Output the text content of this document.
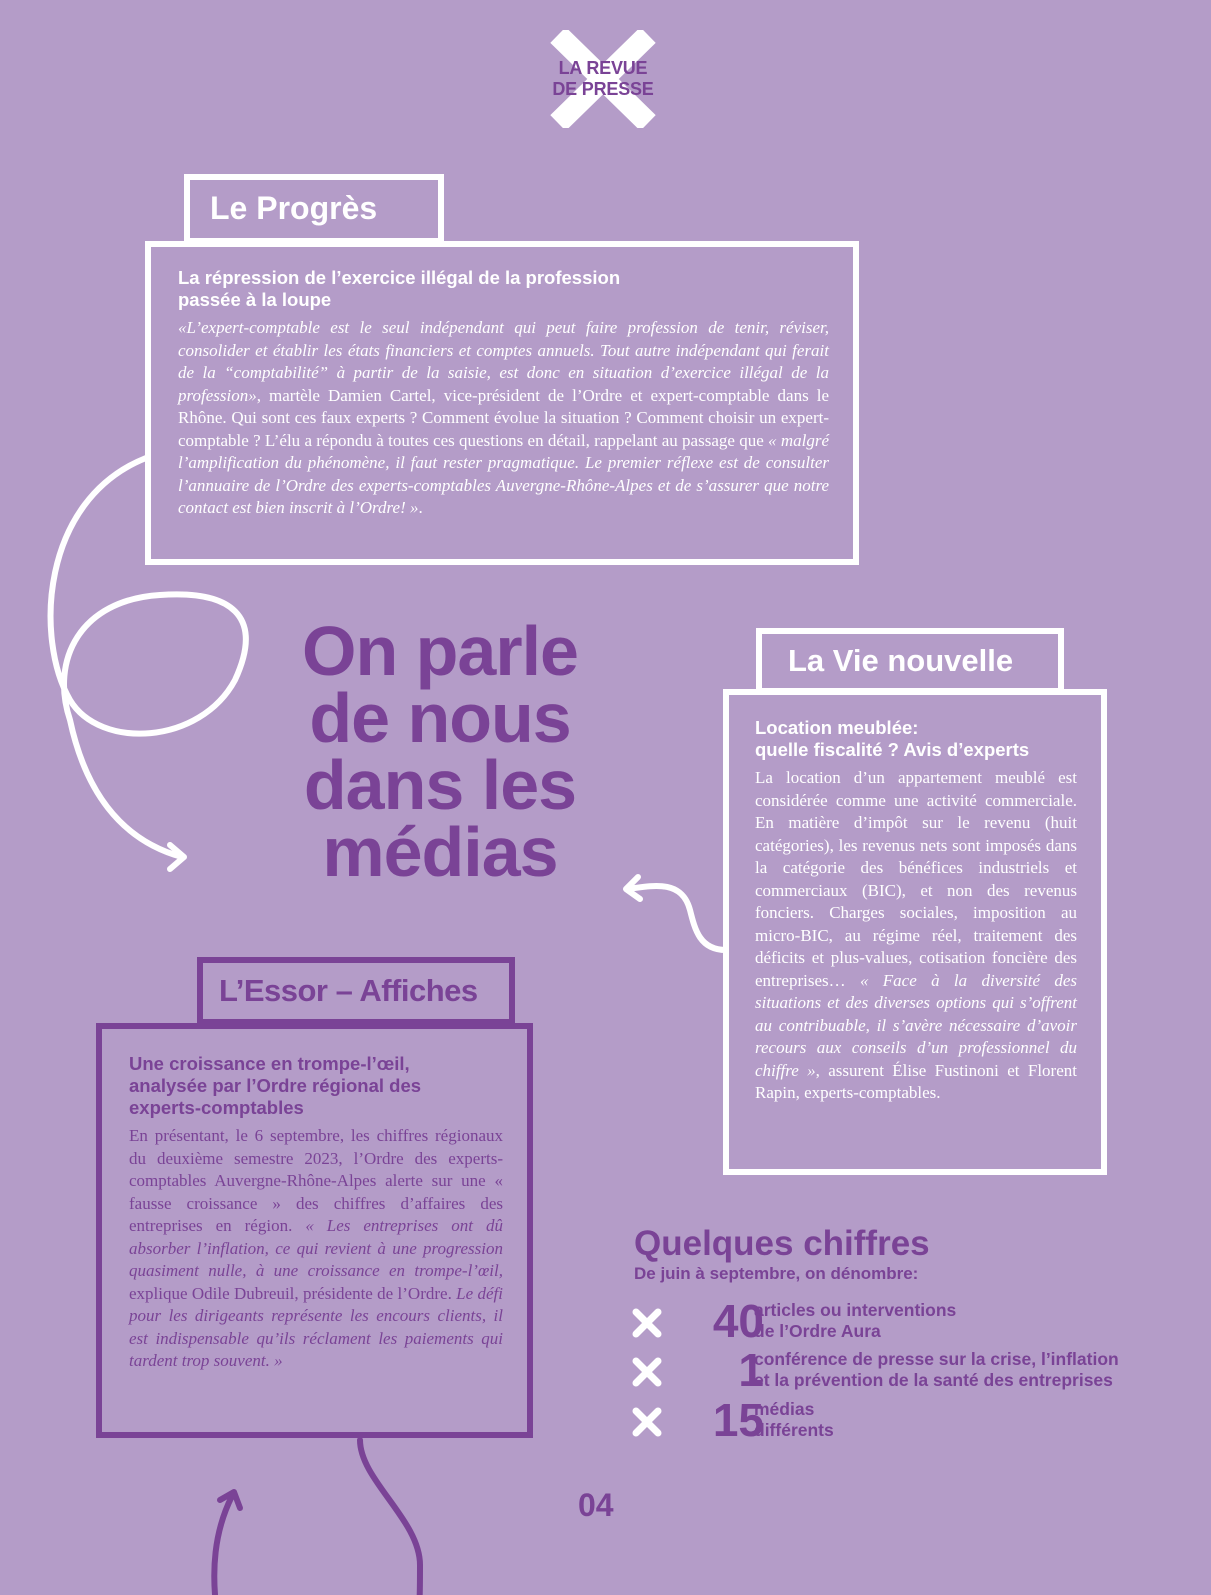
LA REVUE
DE PRESSE
Le Progrès
La répression de l’exercice illégal de la profession
passée à la loupe

«L’expert-comptable est le seul indépendant qui peut faire profession de tenir, réviser, consolider et établir les états financiers et comptes annuels. Tout autre indépendant qui ferait de la “comptabilité” à partir de la saisie, est donc en situation d’exercice illégal de la profession», martèle Damien Cartel, vice-président de l’Ordre et expert-comptable dans le Rhône. Qui sont ces faux experts ? Comment évolue la situation ? Comment choisir un expert-comptable ? L’élu a répondu à toutes ces questions en détail, rappelant au passage que « malgré l’amplification du phénomène, il faut rester pragmatique. Le premier réflexe est de consulter l’annuaire de l’Ordre des experts-comptables Auvergne-Rhône-Alpes et de s’assurer que notre contact est bien inscrit à l’Ordre! ».

On parle
de nous
dans les
médias
La Vie nouvelle
Location meublée:
quelle fiscalité ? Avis d’experts

La location d’un appartement meublé est considérée comme une activité commerciale. En matière d’impôt sur le revenu (huit catégories), les revenus nets sont imposés dans la catégorie des bénéfices industriels et commerciaux (BIC), et non des revenus fonciers. Charges sociales, imposition au micro-BIC, au régime réel, traitement des déficits et plus-values, cotisation foncière des entreprises… « Face à la diversité des situations et des diverses options qui s’offrent au contribuable, il s’avère nécessaire d’avoir recours aux conseils d’un professionnel du chiffre », assurent Élise Fustinoni et Florent Rapin, experts-comptables.

L’Essor – Affiches
Une croissance en trompe-l’œil,
analysée par l’Ordre régional des
experts-comptables

En présentant, le 6 septembre, les chiffres régionaux du deuxième semestre 2023, l’Ordre des experts-comptables Auvergne-Rhône-Alpes alerte sur une « fausse croissance » des chiffres d’affaires des entreprises en région. « Les entreprises ont dû absorber l’inflation, ce qui revient à une progression quasiment nulle, à une croissance en trompe-l’œil, explique Odile Dubreuil, présidente de l’Ordre. Le défi pour les dirigeants représente les encours clients, il est indispensable qu’ils réclament les paiements qui tardent trop souvent. »

Quelques chiffres
De juin à septembre, on dénombre:
40
articles ou interventions
de l’Ordre Aura
1
conférence de presse sur la crise, l’inflation
et la prévention de la santé des entreprises
15
médias
différents
04
